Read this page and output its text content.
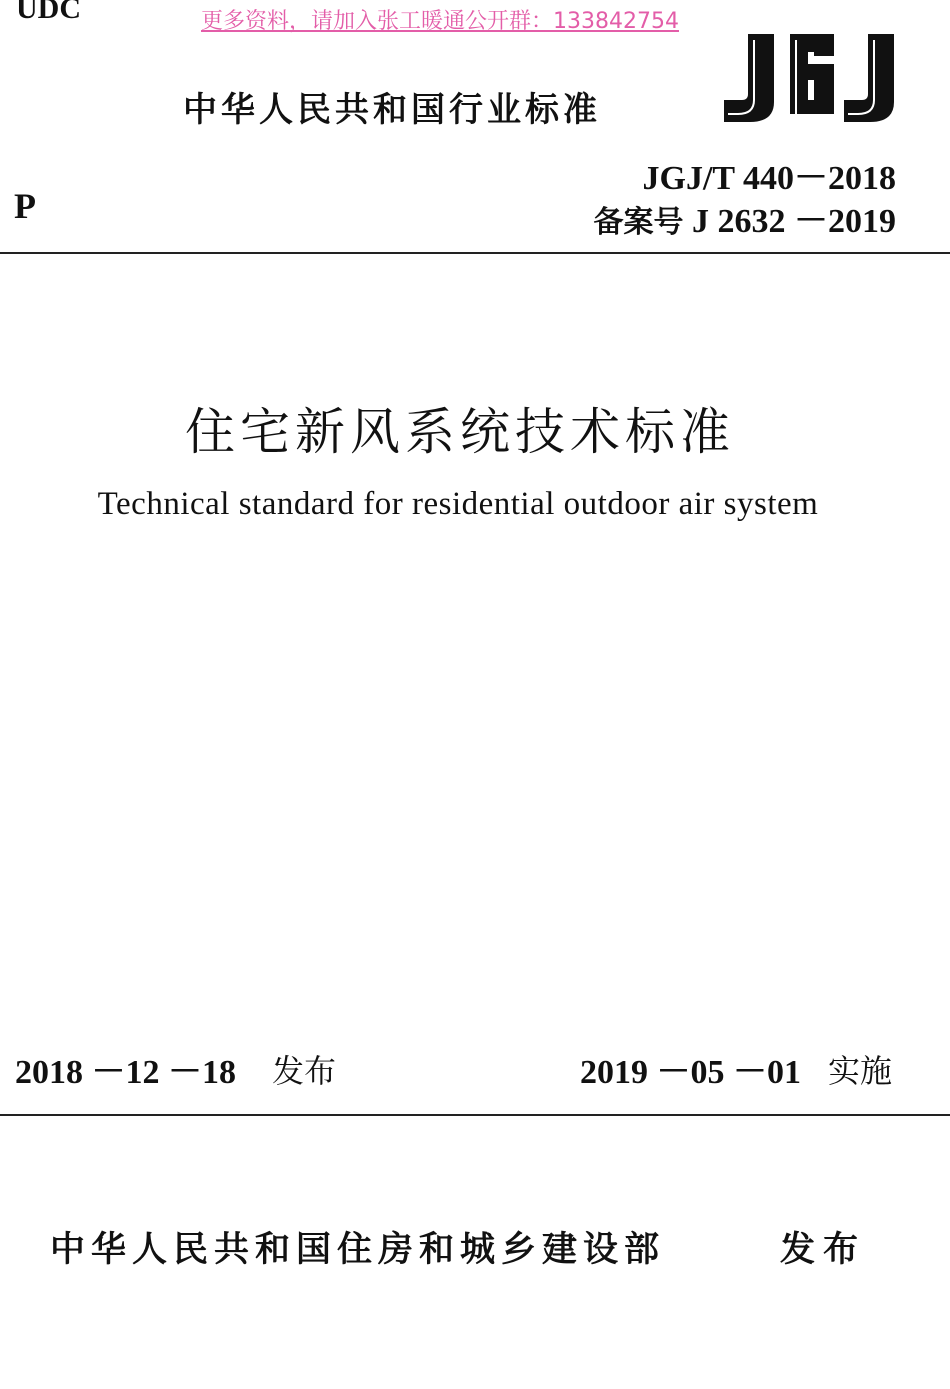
UDC	更多资料，请加入张工暖通公开群：133842754
中华人民共和国行业标准
JGJ/T 440－2018
备案号 J 2632 －2019
P
住宅新风系统技术标准
Technical standard for residential outdoor air system
2018 －12 －18 发布	2019 －05 －01 实施
中华人民共和国住房和城乡建设部	发布
